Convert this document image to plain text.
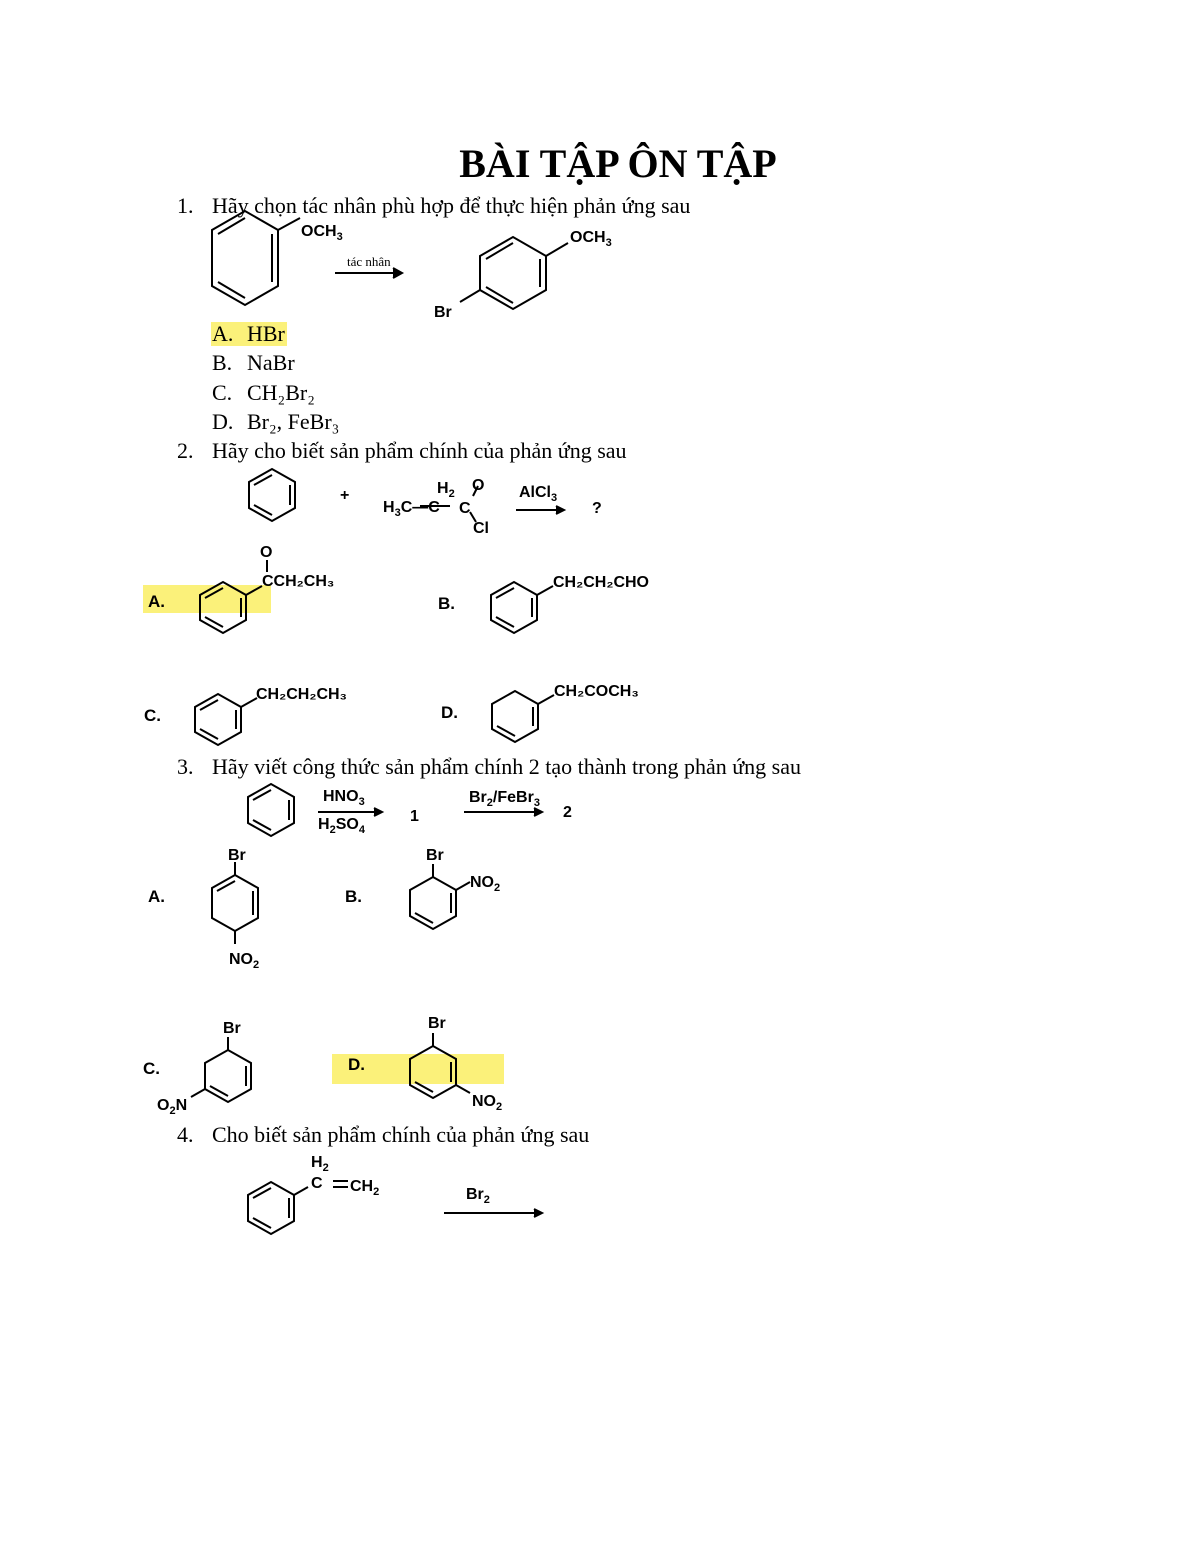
BÀI TẬP ÔN TẬP
1. Hãy chọn tác nhân phù hợp để thực hiện phản ứng sau
A. HBr
B. NaBr
C. CH₂Br₂
D. Br₂, FeBr₃
2. Hãy cho biết sản phẩm chính của phản ứng sau
3. Hãy viết công thức sản phẩm chính 2 tạo thành trong phản ứng sau
4. Cho biết sản phẩm chính của phản ứng sau
$OCH_3$
tác nhân
$OCH_3$
Br
+	$H_2$ O
$H_3C—C$ C
Cl
AlCl$_3$
?
A.
O
CCH₂CH₃
B.
CH₂CH₂CHO
C.
CH₂CH₂CH₃
D.
CH₂COCH₃
$HNO_3$
$H_2SO_4$
1
$Br_2/FeBr_3$
2
A.
Br
$NO_2$
B.
Br
$NO_2$
C.
Br
$O_2N$
D.
Br
$NO_2$
$H_2$
C $CH_2$	$Br_2$
